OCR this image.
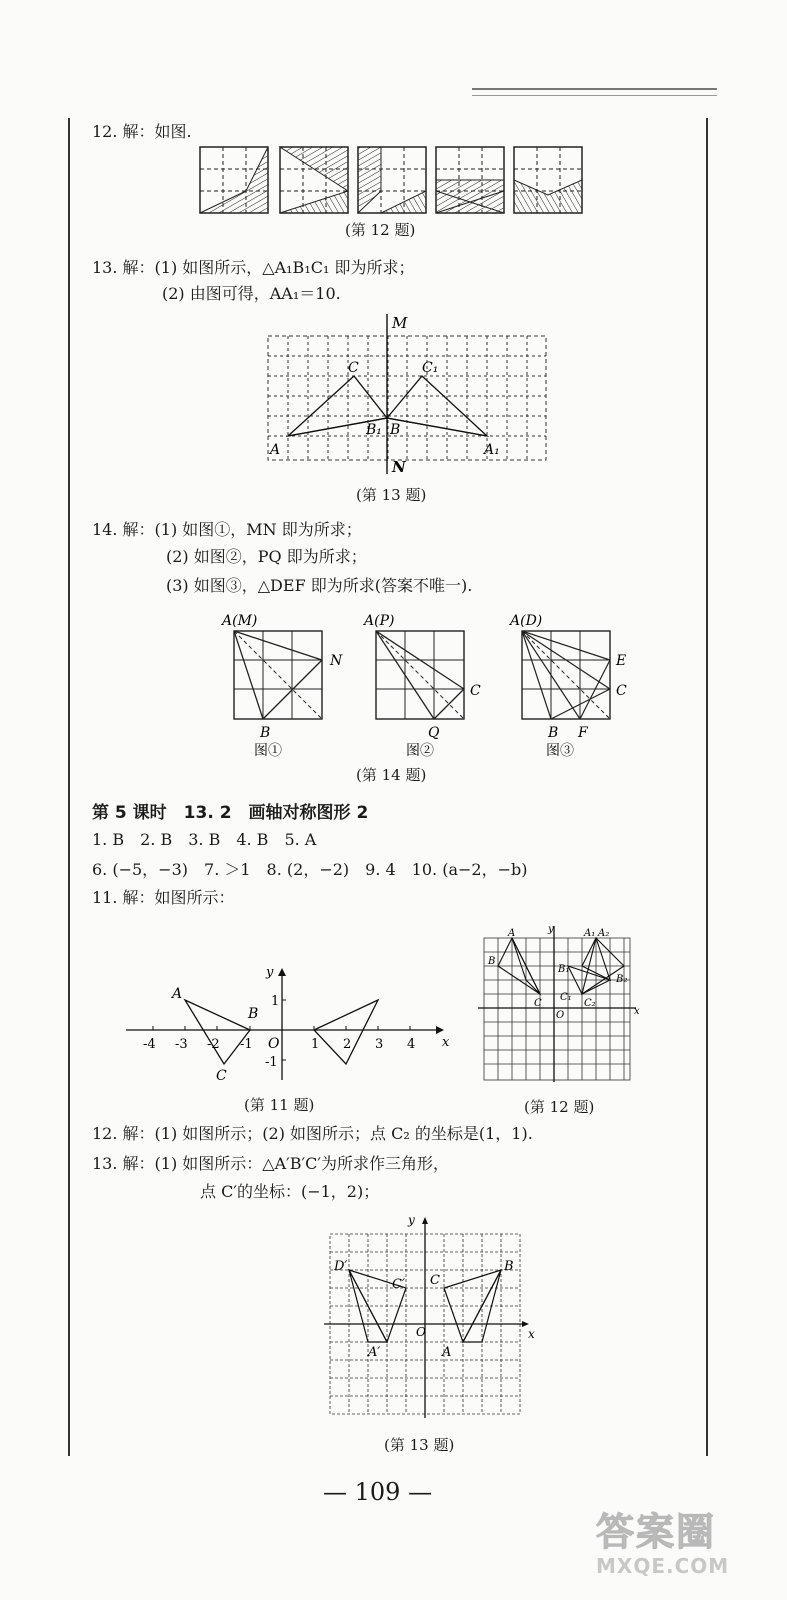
12. 解：如图.
(第 12 题)
13. 解：(1) 如图所示，△A₁B₁C₁ 即为所求；
(2) 由图可得，AA₁＝10.
M
N
C	C₁
B₁ B
A	A₁
(第 13 题)
14. 解：(1) 如图①，MN 即为所求；
(2) 如图②，PQ 即为所求；
(3) 如图③，△DEF 即为所求(答案不唯一).
A(M)
N
B
图①
A(P)
C
Q
图②
A(D)
E
C
B F
图③
(第 14 题)
第 5 课时　13. 2　画轴对称图形 2
1. B　2. B　3. B　4. B　5. A
6. (−5，−3)　7. ＞1　8. (2，−2)　9. 4　10. (a−2，−b)
11. 解：如图所示：
x
y
O
-4 -3 -2 -1	1 2 3 4
1
-1
A
B
C
(第 11 题)
x
y
O
A
B
C
A₁ A₂
B₁
B₂
C₁
C₂
(第 12 题)
12. 解：(1) 如图所示；(2) 如图所示；点 C₂ 的坐标是(1，1).
13. 解：(1) 如图所示：△A′B′C′为所求作三角形，
点 C′的坐标：(−1，2)；
x
y
O
D′
C′ C
B
A′	A
(第 13 题)
— 109 —
答案圈
MXQE.COM
